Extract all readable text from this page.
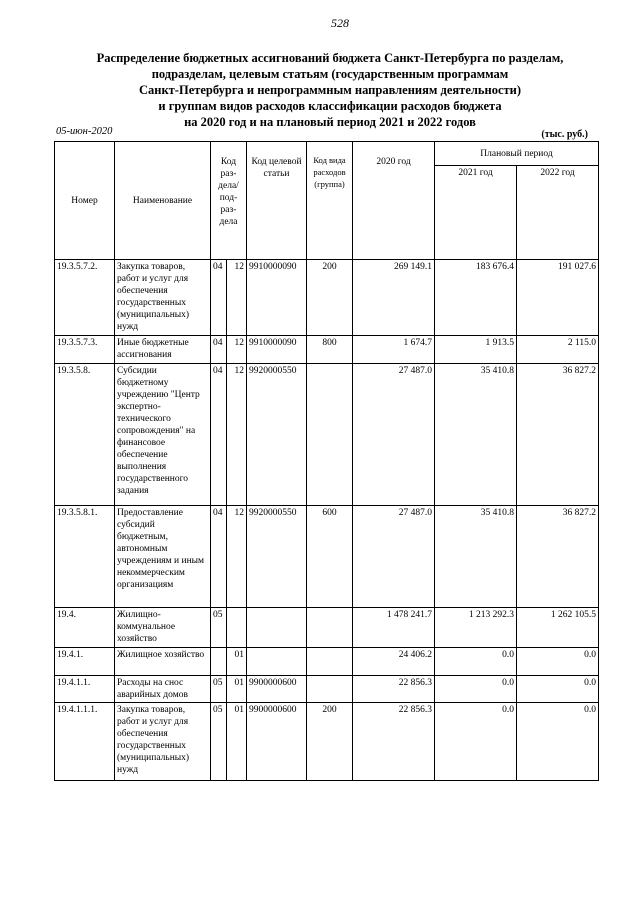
528
Распределение бюджетных ассигнований бюджета Санкт-Петербурга по разделам,
подразделам, целевым статьям (государственным программам
Санкт-Петербурга и непрограммным направлениям деятельности)
и группам видов расходов классификации расходов бюджета
на 2020 год и на плановый период 2021 и 2022 годов
05-июн-2020	(тыс. руб.)
Номер	Наименование	Код раз- дела/ под- раз- дела		Код целевой статьи	Код вида расходов (группа)	2020 год	Плановый период	
							2021 год	2022 год
19.3.5.7.2.	Закупка товаров, работ и услуг для обеспечения государственных (муниципальных) нужд	04	12	9910000090	200	269 149.1	183 676.4	191 027.6
19.3.5.7.3.	Иные бюджетные ассигнования	04	12	9910000090	800	1 674.7	1 913.5	2 115.0
19.3.5.8.	Субсидии бюджетному учреждению "Центр экспертно-технического сопровождения" на финансовое обеспечение выполнения государственного задания	04	12	9920000550		27 487.0	35 410.8	36 827.2
19.3.5.8.1.	Предоставление субсидий бюджетным, автономным учреждениям и иным некоммерческим организациям	04	12	9920000550	600	27 487.0	35 410.8	36 827.2
19.4.	Жилищно-коммунальное хозяйство	05				1 478 241.7	1 213 292.3	1 262 105.5
19.4.1.	Жилищное хозяйство		01			24 406.2	0.0	0.0
19.4.1.1.	Расходы на снос аварийных домов	05	01	9900000600		22 856.3	0.0	0.0
19.4.1.1.1.	Закупка товаров, работ и услуг для обеспечения государственных (муниципальных) нужд	05	01	9900000600	200	22 856.3	0.0	0.0
